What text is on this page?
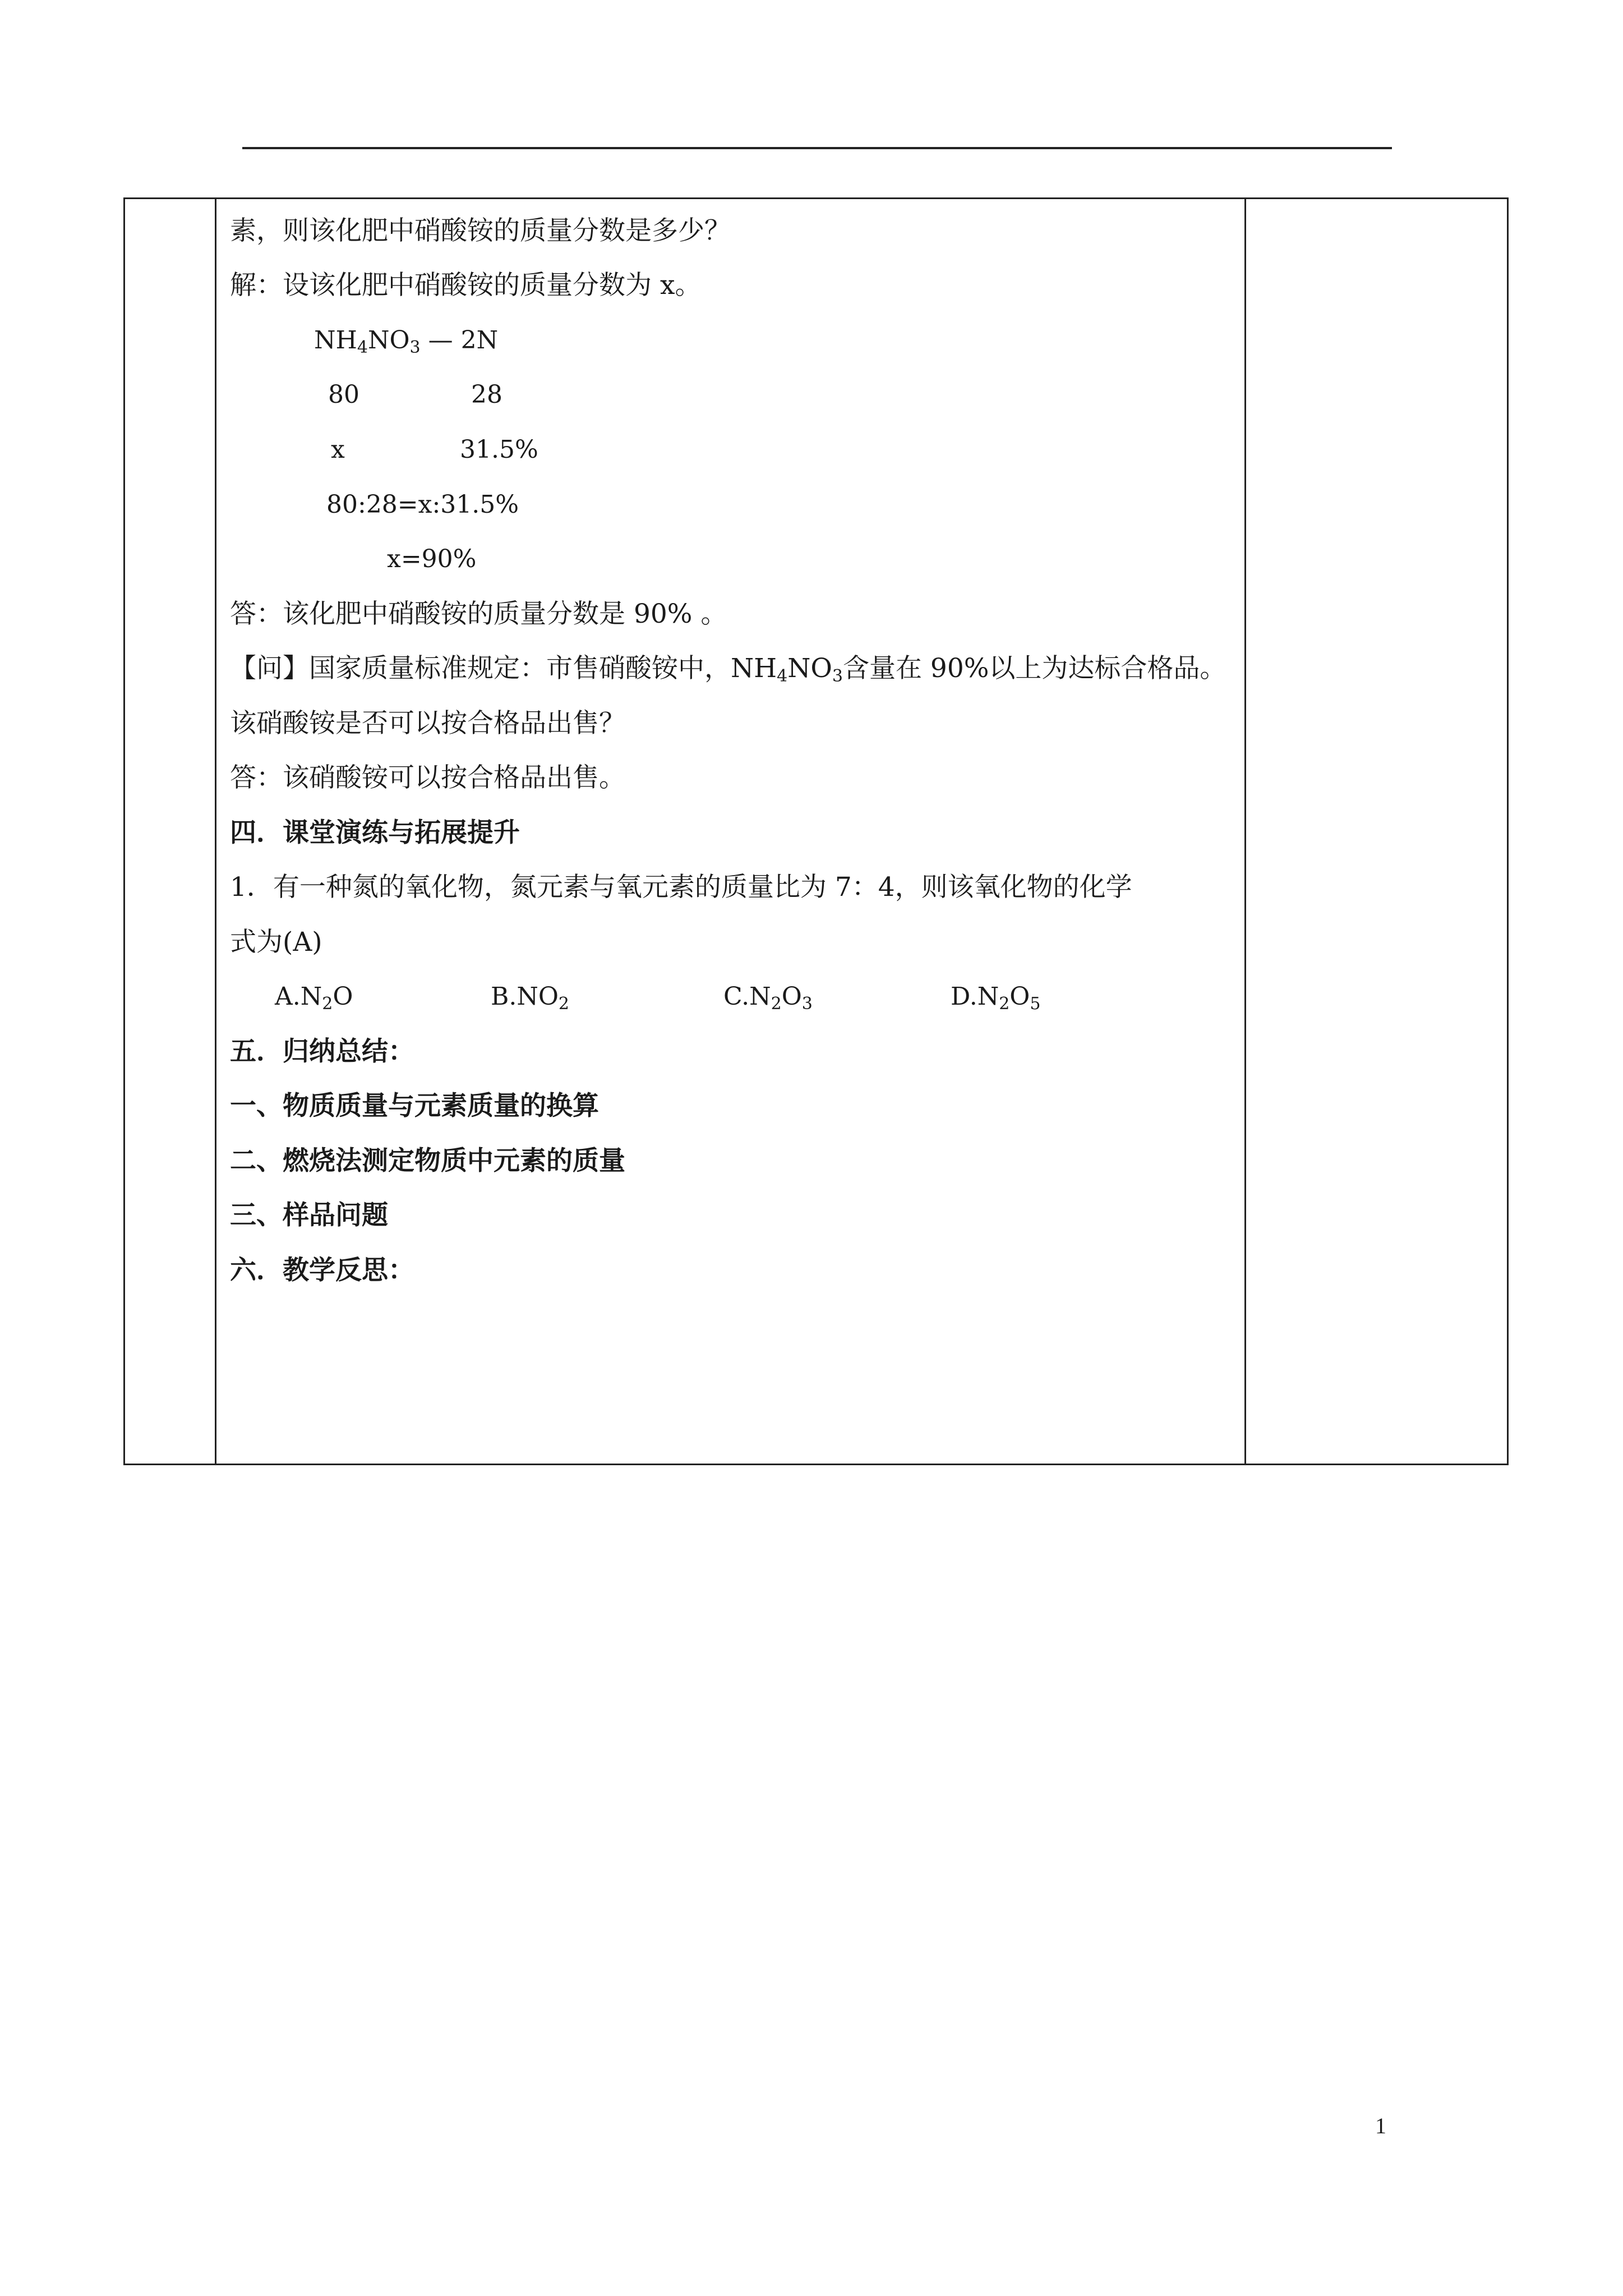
素，则该化肥中硝酸铵的质量分数是多少？
解：设该化肥中硝酸铵的质量分数为 x。
$NH_4NO_3$ — 2N
80	28
x	31.5%
80:28=x:31.5%
x=90%
答：该化肥中硝酸铵的质量分数是 90% 。
【问】国家质量标准规定：市售硝酸铵中，$NH_4NO_3$含量在 90%以上为达标合格品。
该硝酸铵是否可以按合格品出售？
答：该硝酸铵可以按合格品出售。
四．课堂演练与拓展提升
1．有一种氮的氧化物，氮元素与氧元素的质量比为 7：4，则该氧化物的化学
式为(A)
$A.N_2O$	$B.NO_2$	$C.N_2O_3$	$D.N_2O_5$
五．归纳总结：
一、物质质量与元素质量的换算
二、燃烧法测定物质中元素的质量
三、样品问题
六．教学反思：
1
